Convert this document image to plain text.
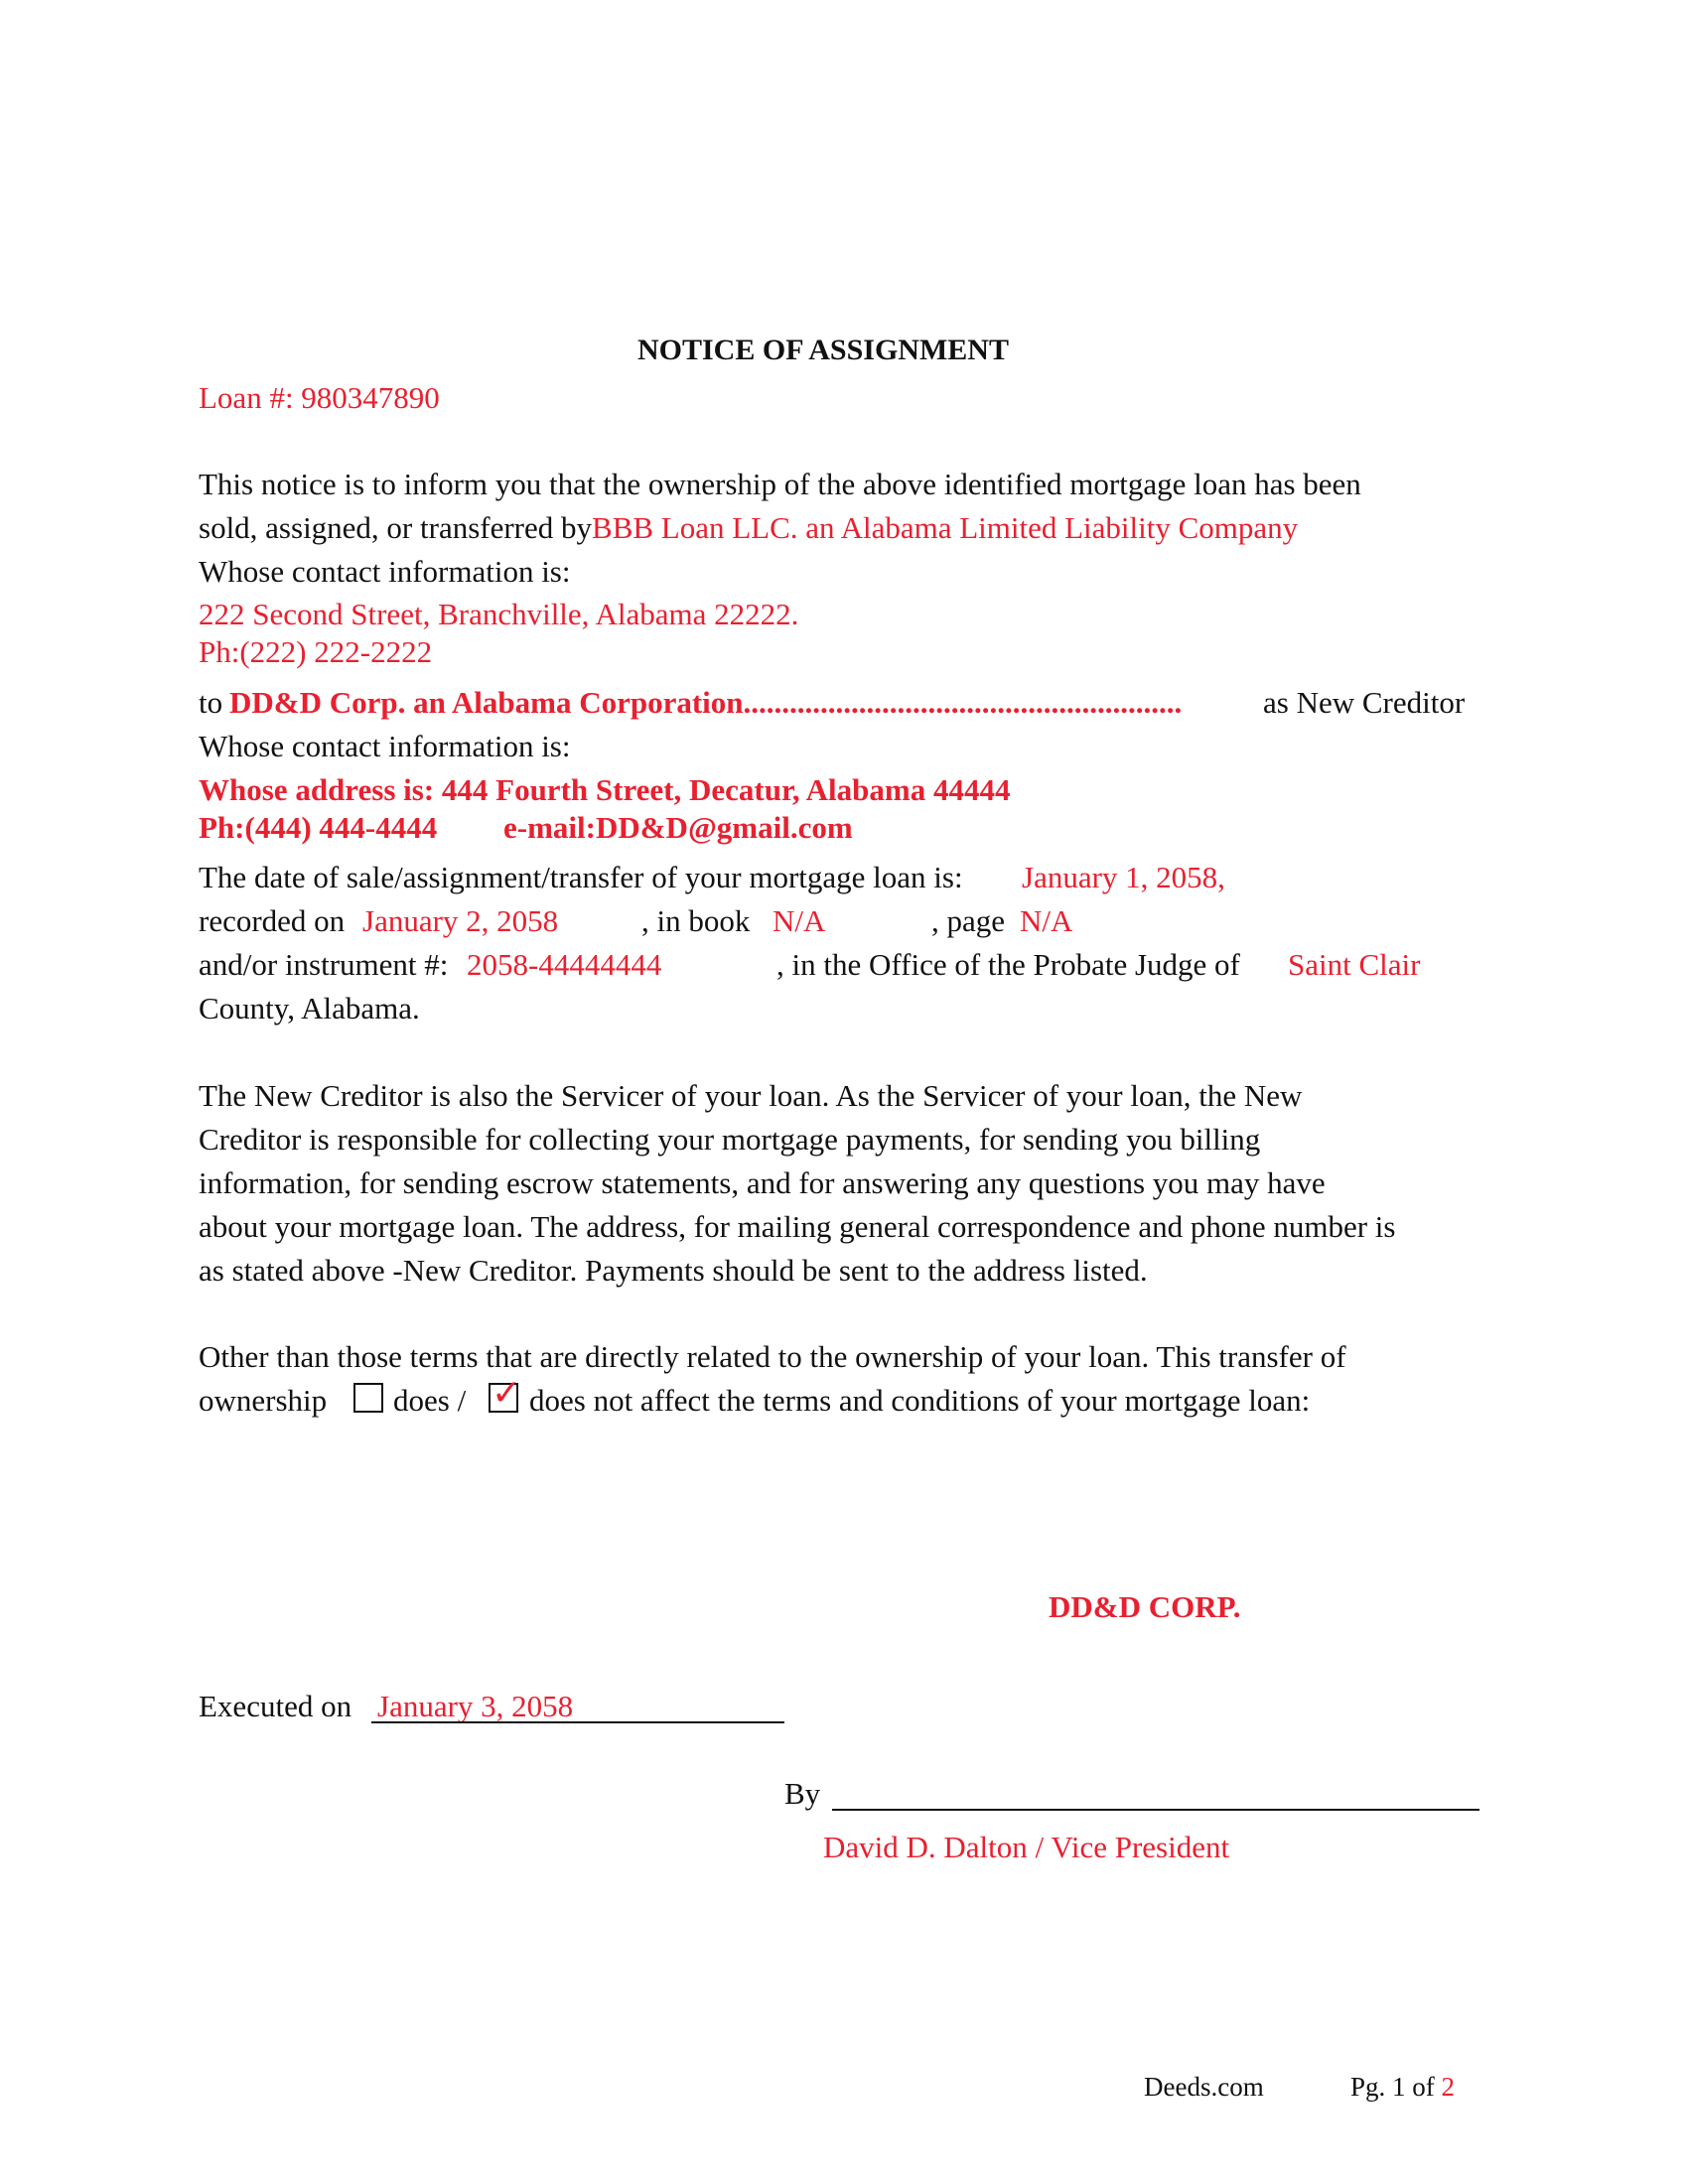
NOTICE OF ASSIGNMENT
Loan #: 980347890
This notice is to inform you that the ownership of the above identified mortgage loan has been
sold, assigned, or transferred byBBB Loan LLC. an Alabama Limited Liability Company
Whose contact information is:
222 Second Street, Branchville, Alabama 22222.
Ph:(222) 222-2222
to DD&D Corp. an Alabama Corporation.........................................................	as New Creditor
Whose contact information is:
Whose address is: 444 Fourth Street, Decatur, Alabama 44444
Ph:(444) 444-4444 e-mail:DD&D@gmail.com
The date of sale/assignment/transfer of your mortgage loan is: January 1, 2058,
recorded on January 2, 2058	, in book N/A	, page N/A
and/or instrument #: 2058-44444444	, in the Office of the Probate Judge of Saint Clair
County, Alabama.
The New Creditor is also the Servicer of your loan. As the Servicer of your loan, the New
Creditor is responsible for collecting your mortgage payments, for sending you billing
information, for sending escrow statements, and for answering any questions you may have
about your mortgage loan. The address, for mailing general correspondence and phone number is
as stated above -New Creditor. Payments should be sent to the address listed.
Other than those terms that are directly related to the ownership of your loan. This transfer of
ownership does / ✓ does not affect the terms and conditions of your mortgage loan:
DD&D CORP.
Executed on January 3, 2058
By
David D. Dalton / Vice President
Deeds.com	Pg. 1 of 2
